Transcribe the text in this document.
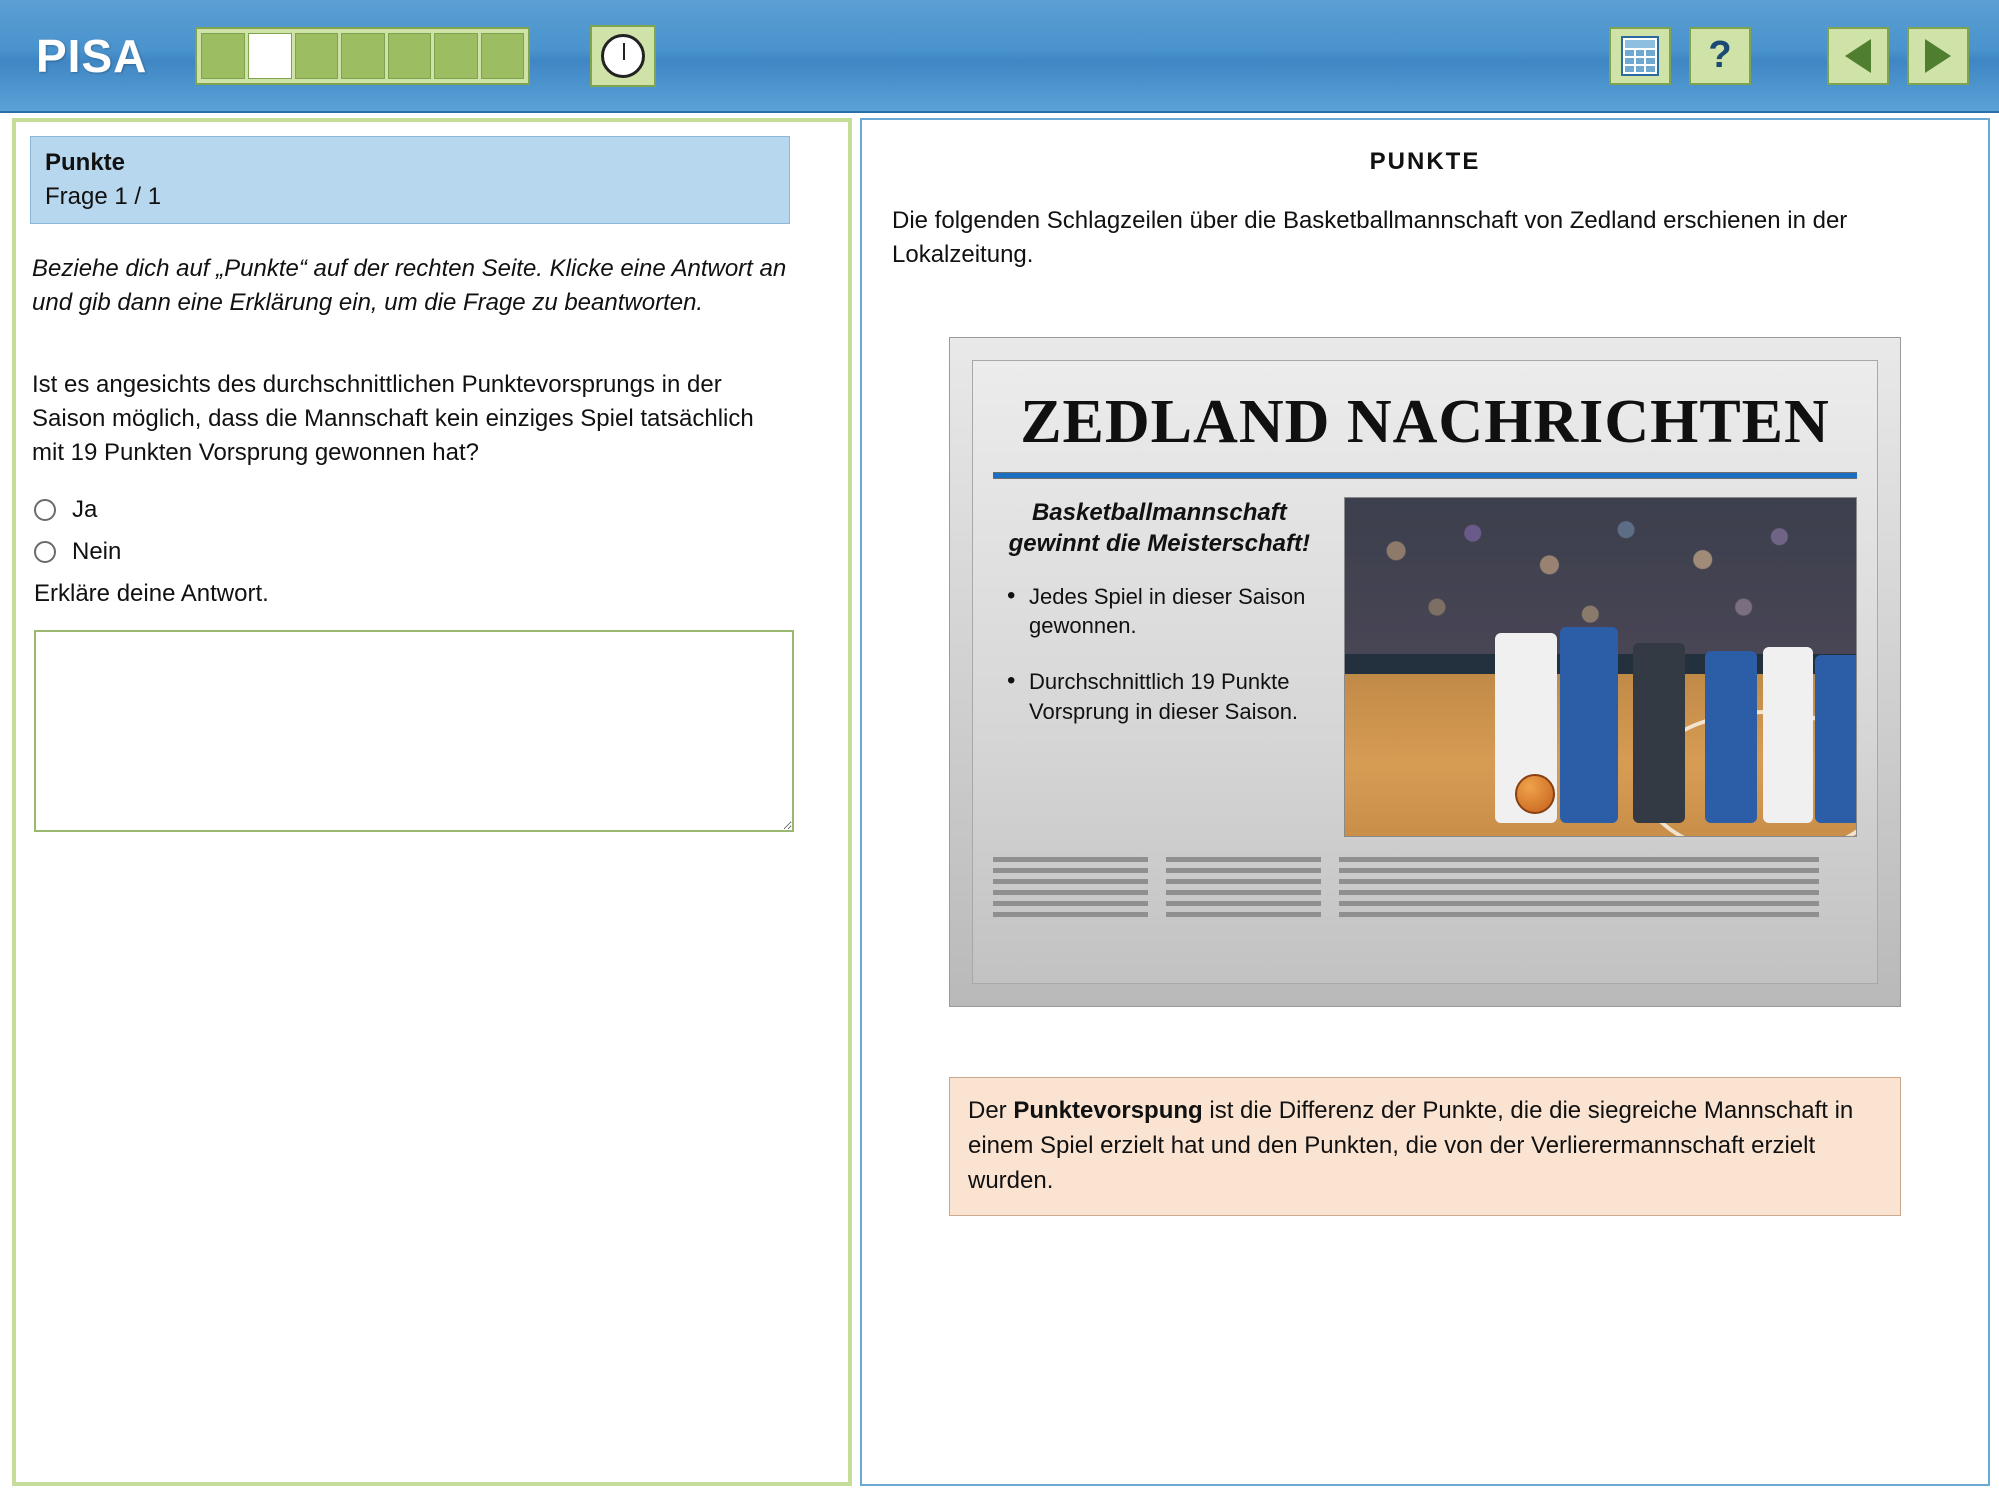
PISA	?
Punkte
Frage 1 / 1
Beziehe dich auf „Punkte“ auf der rechten Seite. Klicke eine Antwort an und gib dann eine Erklärung ein, um die Frage zu beantworten.
Ist es angesichts des durchschnittlichen Punktevorsprungs in der Saison möglich, dass die Mannschaft kein einziges Spiel tatsächlich mit 19 Punkten Vorsprung gewonnen hat?
Ja
Nein
Erkläre deine Antwort.
PUNKTE
Die folgenden Schlagzeilen über die Basketballmannschaft von Zedland erschienen in der Lokalzeitung.
ZEDLAND NACHRICHTEN
Basketballmannschaft gewinnt die Meisterschaft!
• Jedes Spiel in dieser Saison gewonnen.
• Durchschnittlich 19 Punkte Vorsprung in dieser Saison.
Der Punktevorspung ist die Differenz der Punkte, die die siegreiche Mannschaft in einem Spiel erzielt hat und den Punkten, die von der Verlierermannschaft erzielt wurden.
